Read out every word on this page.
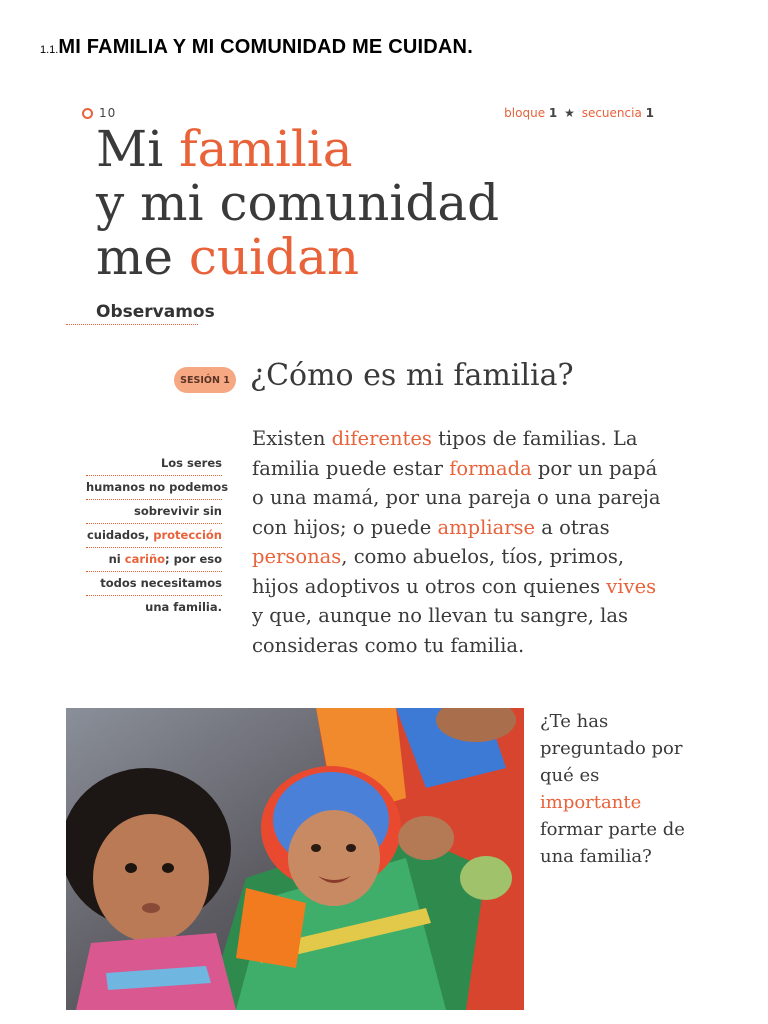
1.1.MI FAMILIA Y MI COMUNIDAD ME CUIDAN.
10	bloque 1 ★ secuencia 1
Mi familia
y mi comunidad
me cuidan
Observamos
SESIÓN 1 ¿Cómo es mi familia?
Existen diferentes tipos de familias. La familia puede estar formada por un papá o una mamá, por una pareja o una pareja con hijos; o puede ampliarse a otras personas, como abuelos, tíos, primos, hijos adoptivos u otros con quienes vives y que, aunque no llevan tu sangre, las consideras como tu familia.
Los seres
humanos no podemos
sobrevivir sin
cuidados, protección
ni cariño; por eso
todos necesitamos
una familia.
¿Te has preguntado por qué es importante formar parte de una familia?
